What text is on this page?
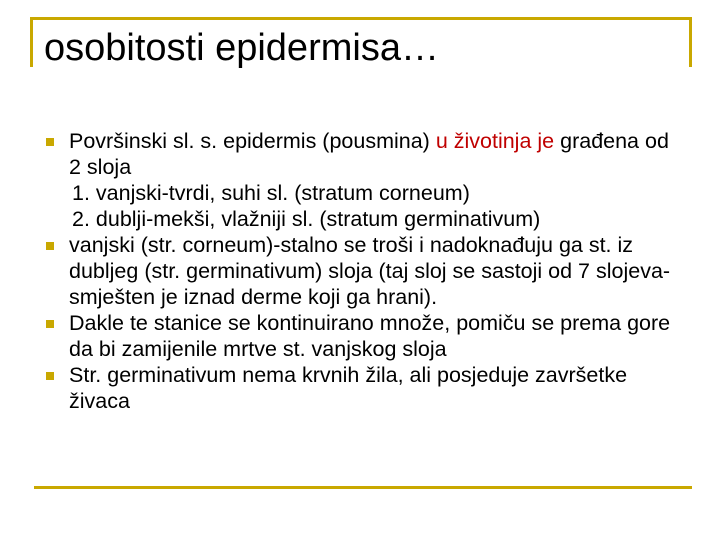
osobitosti epidermisa…
Površinski sl. s. epidermis (pousmina) u životinja je građena od 2 sloja
1. vanjski-tvrdi, suhi sl. (stratum corneum)
2. dublji-mekši, vlažniji sl. (stratum germinativum)
vanjski (str. corneum)-stalno se troši i nadoknađuju ga st. iz dubljeg (str. germinativum) sloja (taj sloj se sastoji od 7 slojeva-smješten je iznad derme koji ga hrani).
Dakle te stanice se kontinuirano množe, pomiču se prema gore da bi zamijenile mrtve st. vanjskog sloja
Str. germinativum nema krvnih žila, ali posjeduje završetke živaca
